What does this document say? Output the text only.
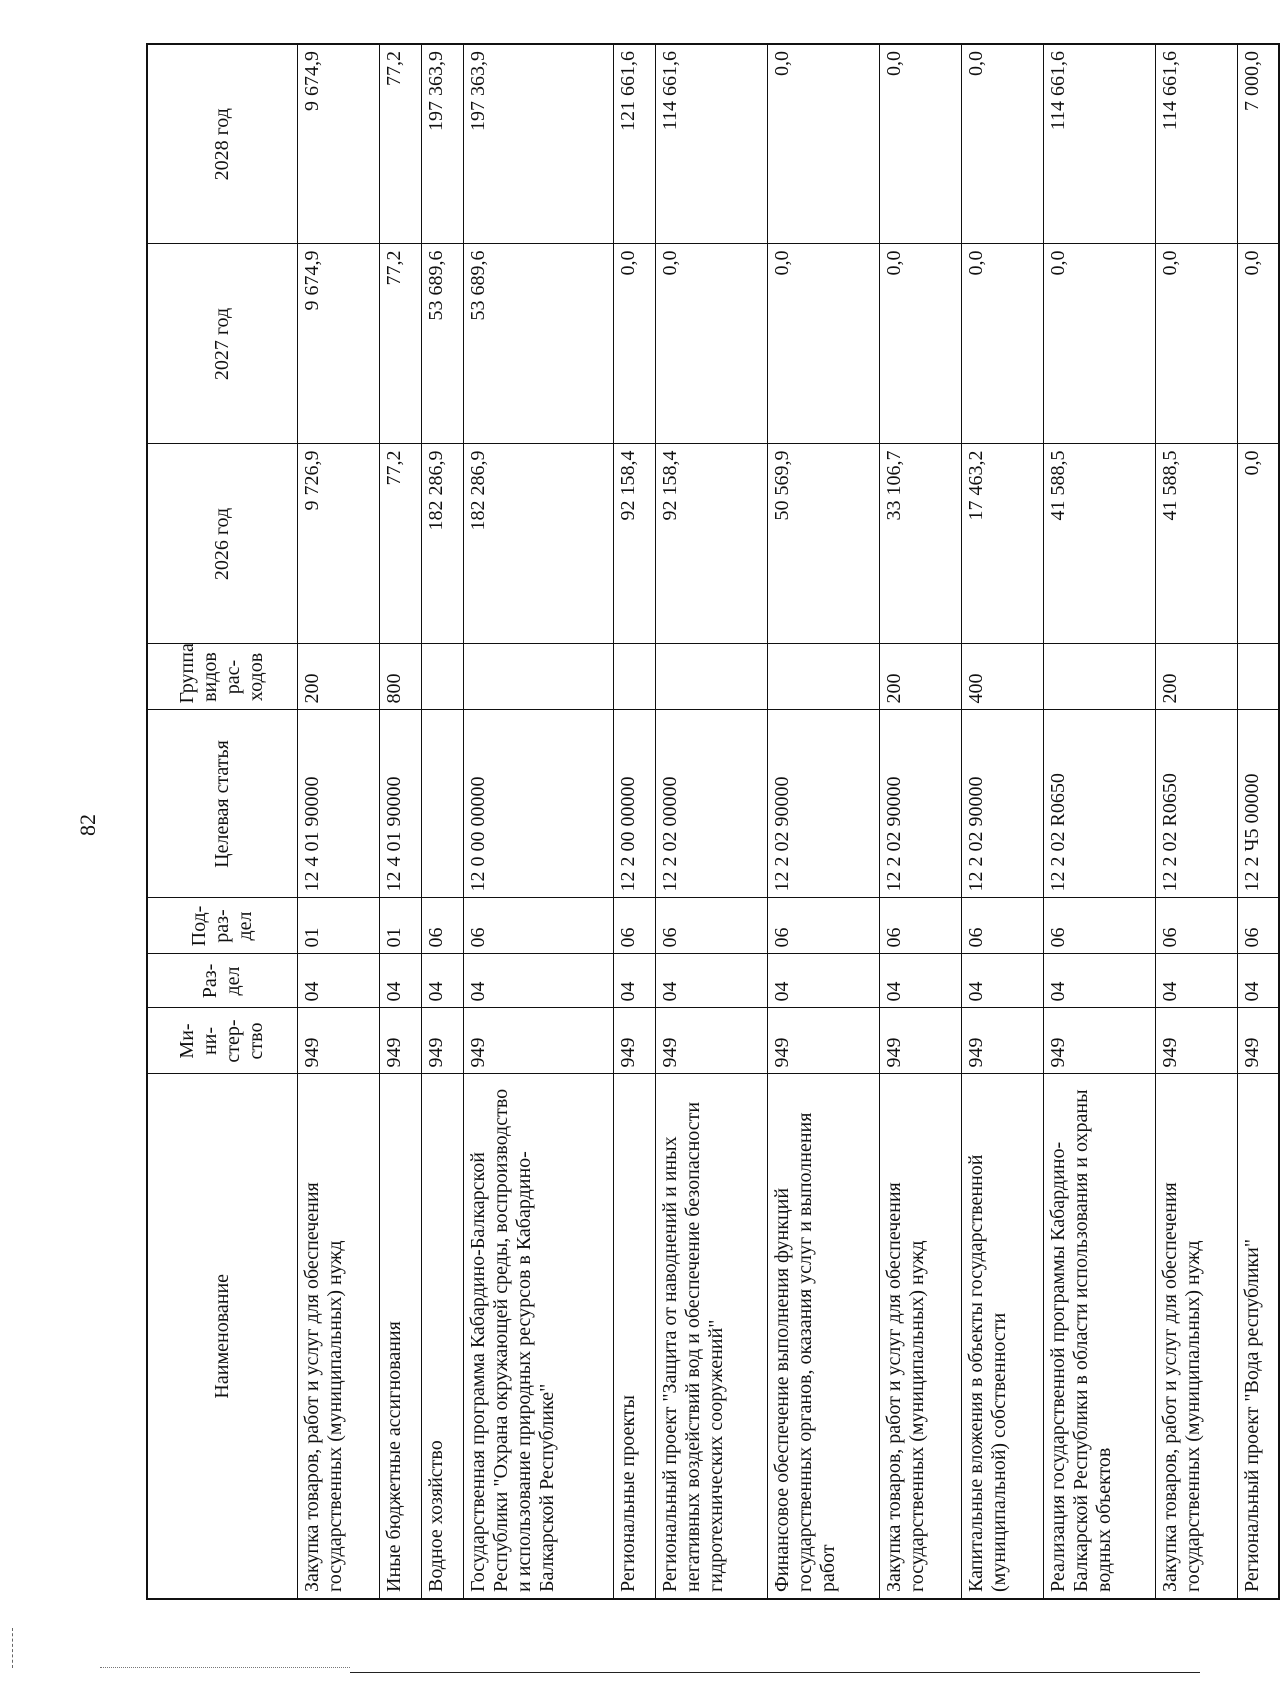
82
Наименование	Ми-ни-стер-ство	Раз-дел	Под-раз-дел	Целевая статья	Группа видов рас-ходов	2026 год	2027 год	2028 год
Закупка товаров, работ и услуг для обеспечения государственных (муниципальных) нужд	949	04	01	12 4 01 90000	200	9 726,9	9 674,9	9 674,9
Иные бюджетные ассигнования	949	04	01	12 4 01 90000	800	77,2	77,2	77,2
Водное хозяйство	949	04	06			182 286,9	53 689,6	197 363,9
Государственная программа Кабардино-Балкарской Республики "Охрана окружающей среды, воспроизводство и использование природных ресурсов в Кабардино-Балкарской Республике"	949	04	06	12 0 00 00000		182 286,9	53 689,6	197 363,9
Региональные проекты	949	04	06	12 2 00 00000		92 158,4	0,0	121 661,6
Региональный проект "Защита от наводнений и иных негативных воздействий вод и обеспечение безопасности гидротехнических сооружений"	949	04	06	12 2 02 00000		92 158,4	0,0	114 661,6
Финансовое обеспечение выполнения функций государственных органов, оказания услуг и выполнения работ	949	04	06	12 2 02 90000		50 569,9	0,0	0,0
Закупка товаров, работ и услуг для обеспечения государственных (муниципальных) нужд	949	04	06	12 2 02 90000	200	33 106,7	0,0	0,0
Капитальные вложения в объекты государственной (муниципальной) собственности	949	04	06	12 2 02 90000	400	17 463,2	0,0	0,0
Реализация государственной программы Кабардино-Балкарской Республики в области использования и охраны водных объектов	949	04	06	12 2 02 R0650		41 588,5	0,0	114 661,6
Закупка товаров, работ и услуг для обеспечения государственных (муниципальных) нужд	949	04	06	12 2 02 R0650	200	41 588,5	0,0	114 661,6
Региональный проект "Вода республики"	949	04	06	12 2 Ч5 00000		0,0	0,0	7 000,0
